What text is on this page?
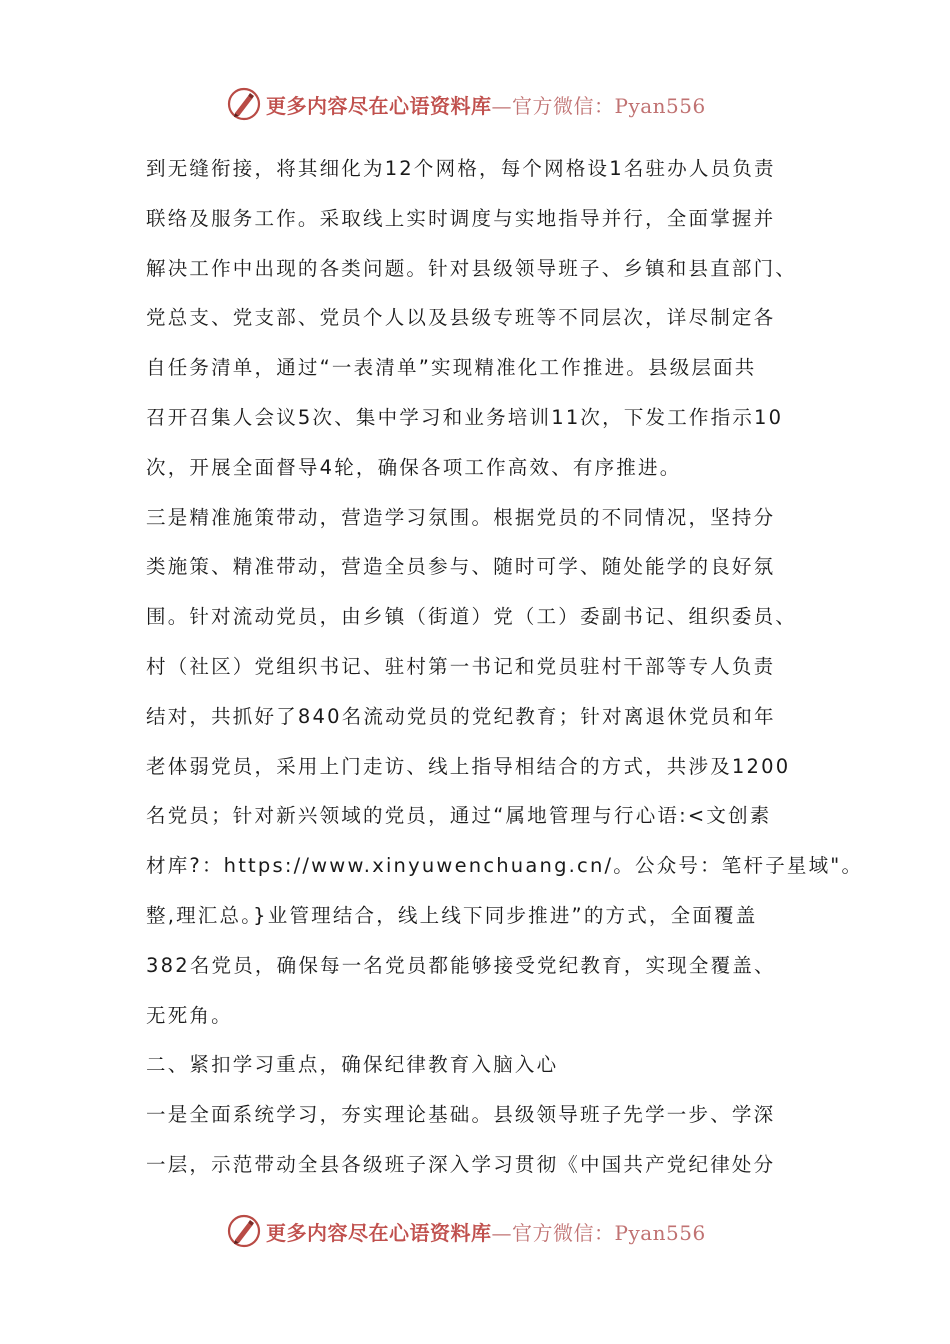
更多内容尽在心语资料库—官方微信：Pyan556
到无缝衔接，将其细化为12个网格，每个网格设1名驻办人员负责
联络及服务工作。采取线上实时调度与实地指导并行，全面掌握并
解决工作中出现的各类问题。针对县级领导班子、乡镇和县直部门、
党总支、党支部、党员个人以及县级专班等不同层次，详尽制定各
自任务清单，通过“一表清单”实现精准化工作推进。县级层面共
召开召集人会议5次、集中学习和业务培训11次，下发工作指示10
次，开展全面督导4轮，确保各项工作高效、有序推进。
三是精准施策带动，营造学习氛围。根据党员的不同情况，坚持分
类施策、精准带动，营造全员参与、随时可学、随处能学的良好氛
围。针对流动党员，由乡镇（街道）党（工）委副书记、组织委员、
村（社区）党组织书记、驻村第一书记和党员驻村干部等专人负责
结对，共抓好了840名流动党员的党纪教育；针对离退休党员和年
老体弱党员，采用上门走访、线上指导相结合的方式，共涉及1200
名党员；针对新兴领域的党员，通过“属地管理与行心语:<文创素
材库?：https://www.xinyuwenchuang.cn/。公众号：笔杆子星域"。
整,理汇总。}业管理结合，线上线下同步推进”的方式，全面覆盖
382名党员，确保每一名党员都能够接受党纪教育，实现全覆盖、
无死角。
二、紧扣学习重点，确保纪律教育入脑入心
一是全面系统学习，夯实理论基础。县级领导班子先学一步、学深
一层，示范带动全县各级班子深入学习贯彻《中国共产党纪律处分
更多内容尽在心语资料库—官方微信：Pyan556
